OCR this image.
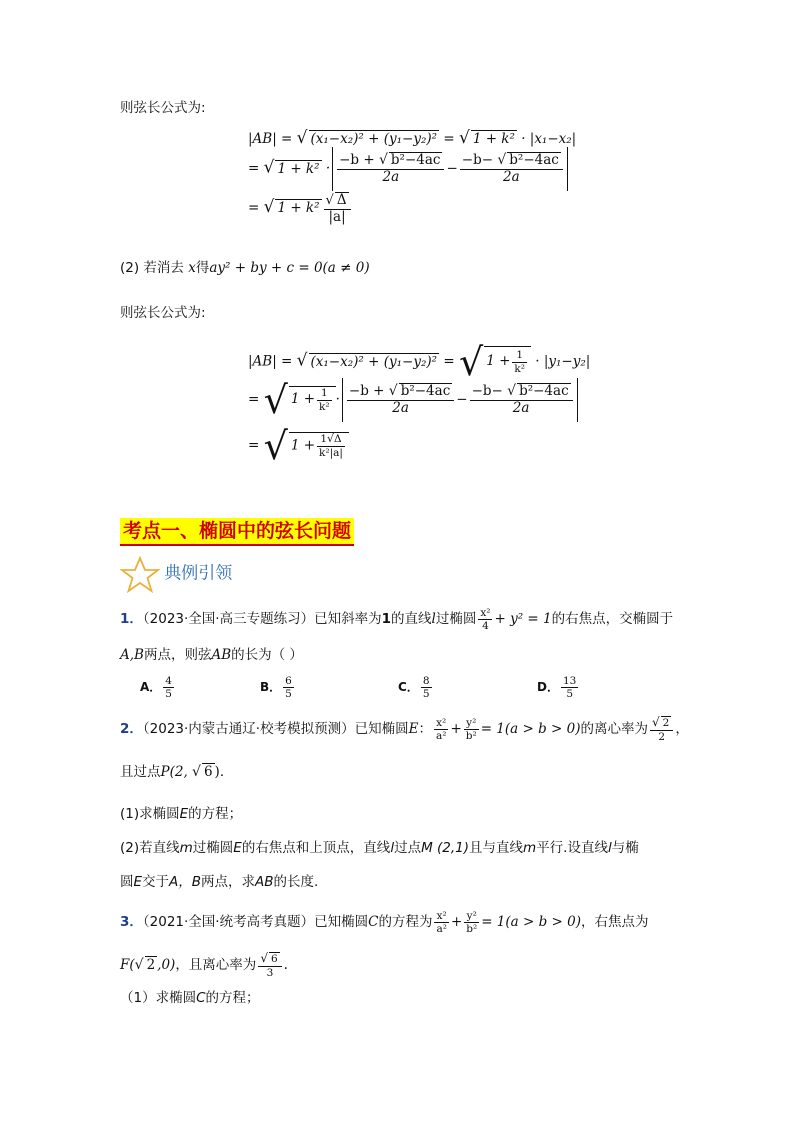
则弦长公式为:
|AB| = √ (x₁−x₂)² + (y₁−y₂)² = √ 1 + k² · |x₁−x₂|
= √ $1 + k^2 \cdot \frac{\text{−b + √ b²−4ac}}{2a} - \frac{\text{−b− √ b²−4ac}}{2a}$
= √ $1 + k^2 \frac{√ \Delta}{|a|}$
(2) 若消去 x得ay² + by + c = 0(a ≠ 0)
则弦长公式为:
|AB| = √ (x₁−x₂)² + (y₁−y₂)² = √ $1 + \frac{1}{\text{k²}} \cdot |y_1-y_2|$
= √ $1 + \frac{1}{\text{k²}} \cdot \frac{\text{−b + √ b²−4ac}}{2a} - \frac{\text{−b− √ b²−4ac}}{2a}$
= √ $1 + \frac{1√\Delta}{\text{k²|a|}}$
考点一、椭圆中的弦长问题
典例引领
1．（2023·全国·高三专题练习）已知斜率为1的直线l过椭圆 $\frac{\text{x²}}{4} + y^2 = 1$的右焦点，交椭圆于
A,B两点，则弦AB的长为（ ）
A． $\frac{4}{5}$	B． $\frac{6}{5}$	C． $\frac{8}{5}$	D． $\frac{13}{5}$
2．（2023·内蒙古通辽·校考模拟预测）已知椭圆E： $\frac{\text{x²}}{\text{a²}} + \frac{\text{y²}}{\text{b²}} = 1(a > b > 0)$的离心率为 $\frac{√ 2}{2}$ ，
且过点P(2, √ 6 )．
(1)求椭圆E的方程；
(2)若直线m过椭圆E的右焦点和上顶点，直线l过点M (2,1)且与直线m平行.设直线l与椭
圆E交于A，B两点，求AB的长度.
3．（2021·全国·统考高考真题）已知椭圆C的方程为 $\frac{\text{x²}}{\text{a²}} + \frac{\text{y²}}{\text{b²}} = 1(a > b > 0)$，右焦点为
F(√ 2 ,0)，且离心率为 $\frac{√ 6}{3}$ .
（1）求椭圆C的方程；
